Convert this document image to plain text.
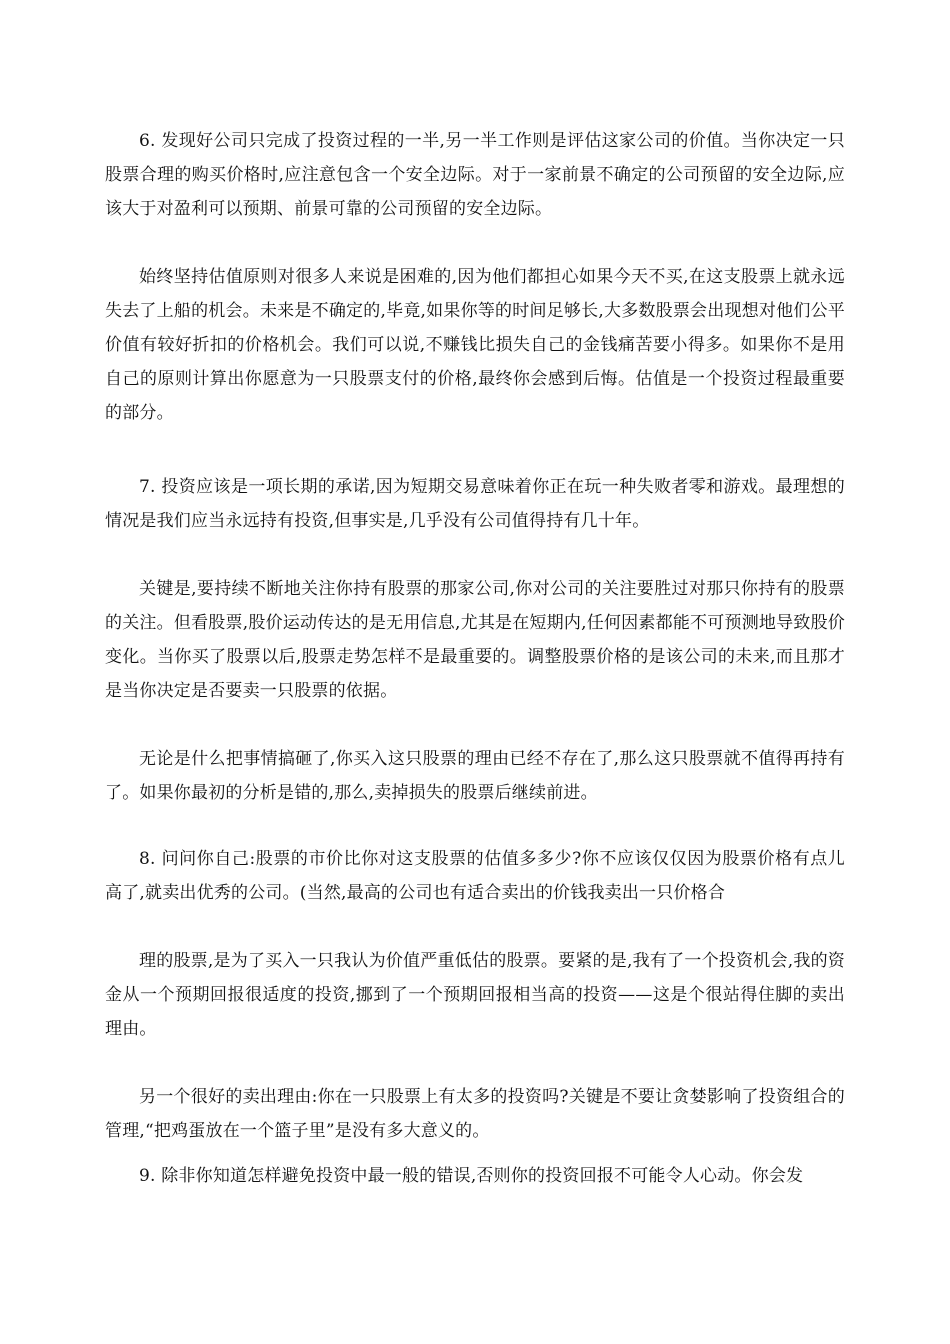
6. 发现好公司只完成了投资过程的一半,另一半工作则是评估这家公司的价值。当你决定一只股票合理的购买价格时,应注意包含一个安全边际。对于一家前景不确定的公司预留的安全边际,应该大于对盈利可以预期、前景可靠的公司预留的安全边际。

始终坚持估值原则对很多人来说是困难的,因为他们都担心如果今天不买,在这支股票上就永远失去了上船的机会。未来是不确定的,毕竟,如果你等的时间足够长,大多数股票会出现想对他们公平价值有较好折扣的价格机会。我们可以说,不赚钱比损失自己的金钱痛苦要小得多。如果你不是用自己的原则计算出你愿意为一只股票支付的价格,最终你会感到后悔。估值是一个投资过程最重要的部分。

7. 投资应该是一项长期的承诺,因为短期交易意味着你正在玩一种失败者零和游戏。最理想的情况是我们应当永远持有投资,但事实是,几乎没有公司值得持有几十年。

关键是,要持续不断地关注你持有股票的那家公司,你对公司的关注要胜过对那只你持有的股票的关注。但看股票,股价运动传达的是无用信息,尤其是在短期内,任何因素都能不可预测地导致股价变化。当你买了股票以后,股票走势怎样不是最重要的。调整股票价格的是该公司的未来,而且那才是当你决定是否要卖一只股票的依据。

无论是什么把事情搞砸了,你买入这只股票的理由已经不存在了,那么这只股票就不值得再持有了。如果你最初的分析是错的,那么,卖掉损失的股票后继续前进。

8. 问问你自己:股票的市价比你对这支股票的估值多多少?你不应该仅仅因为股票价格有点儿高了,就卖出优秀的公司。(当然,最高的公司也有适合卖出的价钱我卖出一只价格合

理的股票,是为了买入一只我认为价值严重低估的股票。要紧的是,我有了一个投资机会,我的资金从一个预期回报很适度的投资,挪到了一个预期回报相当高的投资——这是个很站得住脚的卖出理由。

另一个很好的卖出理由:你在一只股票上有太多的投资吗?关键是不要让贪婪影响了投资组合的管理,“把鸡蛋放在一个篮子里”是没有多大意义的。

9. 除非你知道怎样避免投资中最一般的错误,否则你的投资回报不可能令人心动。你会发
